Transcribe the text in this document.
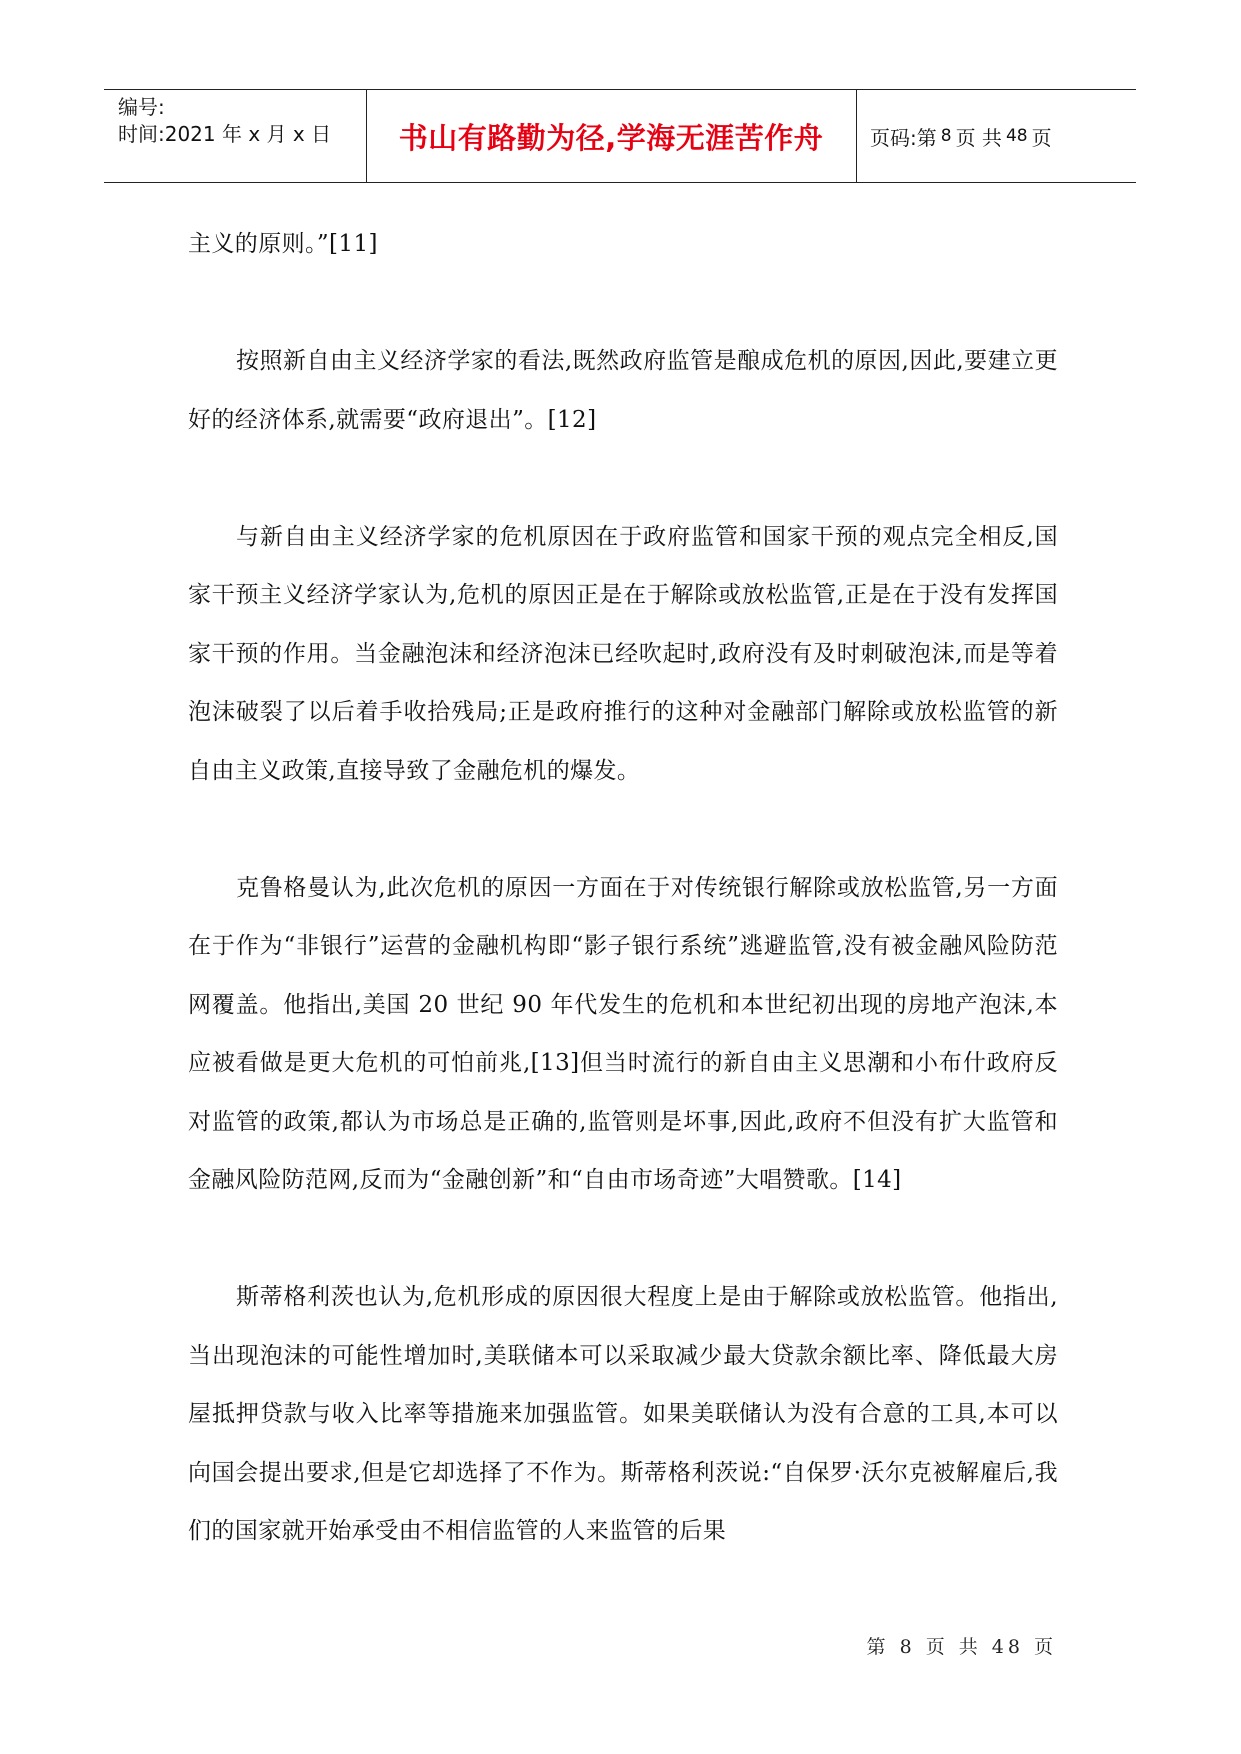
编号:
时间:2021 年 x 月 x 日	书山有路勤为径,学海无涯苦作舟	页码:第 8 页 共 48 页

主义的原则。”[11]

按照新自由主义经济学家的看法,既然政府监管是酿成危机的原因,因此,要建立更好的经济体系,就需要“政府退出”。[12]

与新自由主义经济学家的危机原因在于政府监管和国家干预的观点完全相反,国家干预主义经济学家认为,危机的原因正是在于解除或放松监管,正是在于没有发挥国家干预的作用。当金融泡沫和经济泡沫已经吹起时,政府没有及时刺破泡沫,而是等着泡沫破裂了以后着手收拾残局;正是政府推行的这种对金融部门解除或放松监管的新自由主义政策,直接导致了金融危机的爆发。

克鲁格曼认为,此次危机的原因一方面在于对传统银行解除或放松监管,另一方面在于作为“非银行”运营的金融机构即“影子银行系统”逃避监管,没有被金融风险防范网覆盖。他指出,美国 20 世纪 90 年代发生的危机和本世纪初出现的房地产泡沫,本应被看做是更大危机的可怕前兆,[13]但当时流行的新自由主义思潮和小布什政府反对监管的政策,都认为市场总是正确的,监管则是坏事,因此,政府不但没有扩大监管和金融风险防范网,反而为“金融创新”和“自由市场奇迹”大唱赞歌。[14]

斯蒂格利茨也认为,危机形成的原因很大程度上是由于解除或放松监管。他指出,当出现泡沫的可能性增加时,美联储本可以采取减少最大贷款余额比率、降低最大房屋抵押贷款与收入比率等措施来加强监管。如果美联储认为没有合意的工具,本可以向国会提出要求,但是它却选择了不作为。斯蒂格利茨说:“自保罗·沃尔克被解雇后,我们的国家就开始承受由不相信监管的人来监管的后果

第 8 页 共 48 页
